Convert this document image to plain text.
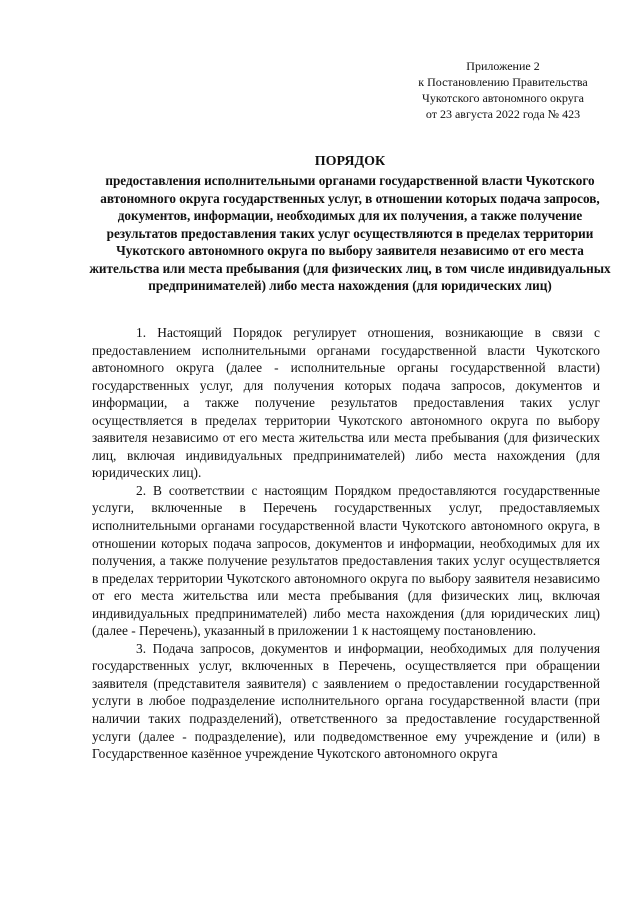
Приложение 2
к Постановлению Правительства
Чукотского автономного округа
от 23 августа 2022 года № 423
ПОРЯДОК
предоставления исполнительными органами государственной власти Чукотского автономного округа государственных услуг, в отношении которых подача запросов, документов, информации, необходимых для их получения, а также получение результатов предоставления таких услуг осуществляются в пределах территории Чукотского автономного округа по выбору заявителя независимо от его места жительства или места пребывания (для физических лиц, в том числе индивидуальных предпринимателей) либо места нахождения (для юридических лиц)

1. Настоящий Порядок регулирует отношения, возникающие в связи с предоставлением исполнительными органами государственной власти Чукотского автономного округа (далее - исполнительные органы государственной власти) государственных услуг, для получения которых подача запросов, документов и информации, а также получение результатов предоставления таких услуг осуществляется в пределах территории Чукотского автономного округа по выбору заявителя независимо от его места жительства или места пребывания (для физических лиц, включая индивидуальных предпринимателей) либо места нахождения (для юридических лиц).

2. В соответствии с настоящим Порядком предоставляются государственные услуги, включенные в Перечень государственных услуг, предоставляемых исполнительными органами государственной власти Чукотского автономного округа, в отношении которых подача запросов, документов и информации, необходимых для их получения, а также получение результатов предоставления таких услуг осуществляется в пределах территории Чукотского автономного округа по выбору заявителя независимо от его места жительства или места пребывания (для физических лиц, включая индивидуальных предпринимателей) либо места нахождения (для юридических лиц) (далее - Перечень), указанный в приложении 1 к настоящему постановлению.

3. Подача запросов, документов и информации, необходимых для получения государственных услуг, включенных в Перечень, осуществляется при обращении заявителя (представителя заявителя) с заявлением о предоставлении государственной услуги в любое подразделение исполнительного органа государственной власти (при наличии таких подразделений), ответственного за предоставление государственной услуги (далее - подразделение), или подведомственное ему учреждение и (или) в Государственное казённое учреждение Чукотского автономного округа
